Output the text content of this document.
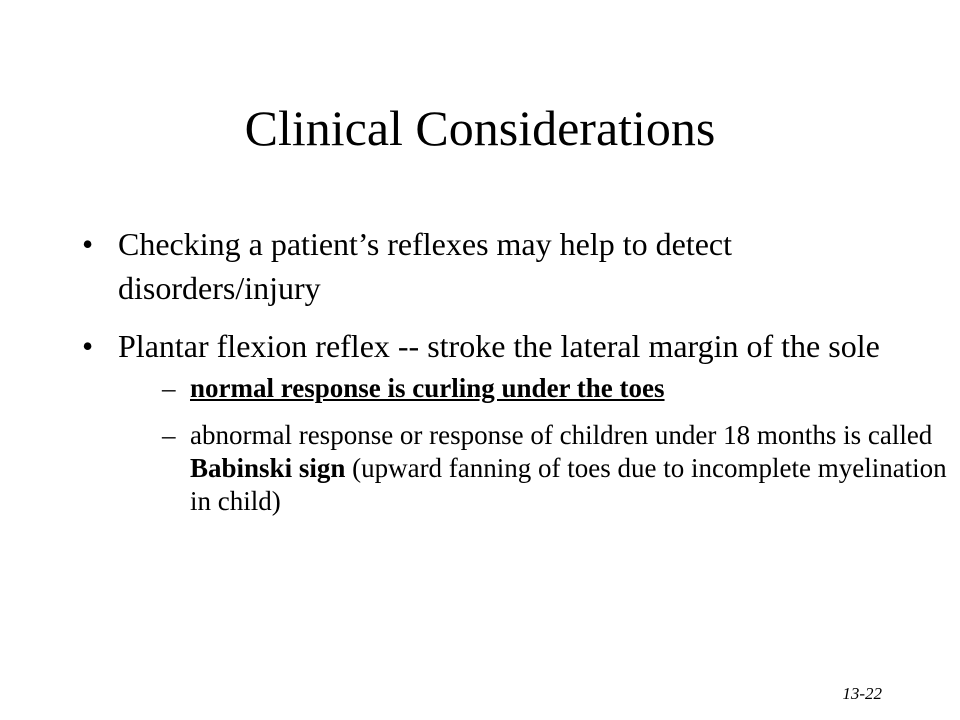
Clinical Considerations
• Checking a patient’s reflexes may help to detect disorders/injury
• Plantar flexion reflex -- stroke the lateral margin of the sole
– normal response is curling under the toes
– abnormal response or response of children under 18 months is called Babinski sign (upward fanning of toes due to incomplete myelination in child)
13-22
